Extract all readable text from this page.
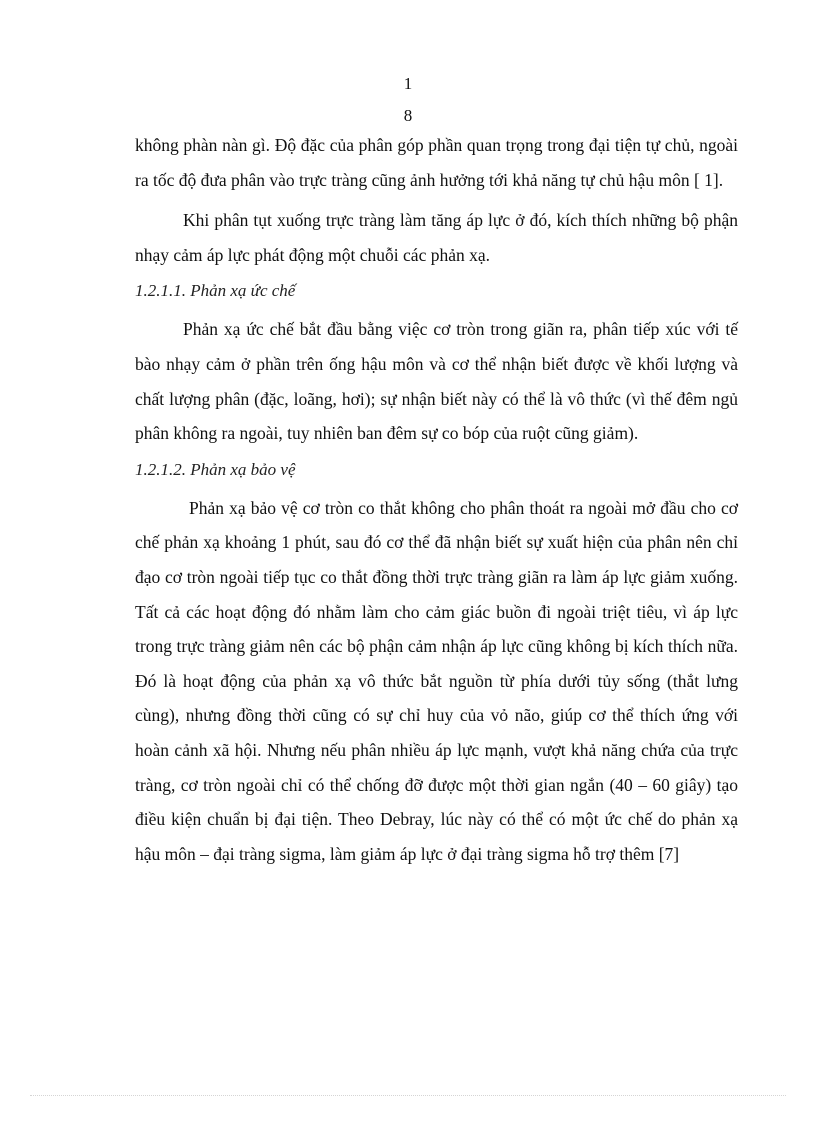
1
8

không phàn nàn gì. Độ đặc của phân góp phần quan trọng trong đại tiện tự chủ, ngoài ra tốc độ đưa phân vào trực tràng cũng ảnh hưởng tới khả năng tự chủ hậu môn [ 1].

Khi phân tụt xuống trực tràng làm tăng áp lực ở đó, kích thích những bộ phận nhạy cảm áp lực phát động một chuỗi các phản xạ.

1.2.1.1. Phản xạ ức chế

Phản xạ ức chế bắt đầu bằng việc cơ tròn trong giãn ra, phân tiếp xúc với tế bào nhạy cảm ở phần trên ống hậu môn và cơ thể nhận biết được về khối lượng và chất lượng phân (đặc, loãng, hơi); sự nhận biết này có thể là vô thức (vì thế đêm ngủ phân không ra ngoài, tuy nhiên ban đêm sự co bóp của ruột cũng giảm).

1.2.1.2. Phản xạ bảo vệ

Phản xạ bảo vệ cơ tròn co thắt không cho phân thoát ra ngoài mở đầu cho cơ chế phản xạ khoảng 1 phút, sau đó cơ thể đã nhận biết sự xuất hiện của phân nên chỉ đạo cơ tròn ngoài tiếp tục co thắt đồng thời trực tràng giãn ra làm áp lực giảm xuống. Tất cả các hoạt động đó nhằm làm cho cảm giác buồn đi ngoài triệt tiêu, vì áp lực trong trực tràng giảm nên các bộ phận cảm nhận áp lực cũng không bị kích thích nữa. Đó là hoạt động của phản xạ vô thức bắt nguồn từ phía dưới tủy sống (thắt lưng cùng), nhưng đồng thời cũng có sự chỉ huy của vỏ não, giúp cơ thể thích ứng với hoàn cảnh xã hội. Nhưng nếu phân nhiều áp lực mạnh, vượt khả năng chứa của trực tràng, cơ tròn ngoài chỉ có thể chống đỡ được một thời gian ngắn (40 – 60 giây) tạo điều kiện chuẩn bị đại tiện. Theo Debray, lúc này có thể có một ức chế do phản xạ hậu môn – đại tràng sigma, làm giảm áp lực ở đại tràng sigma hỗ trợ thêm [7]
